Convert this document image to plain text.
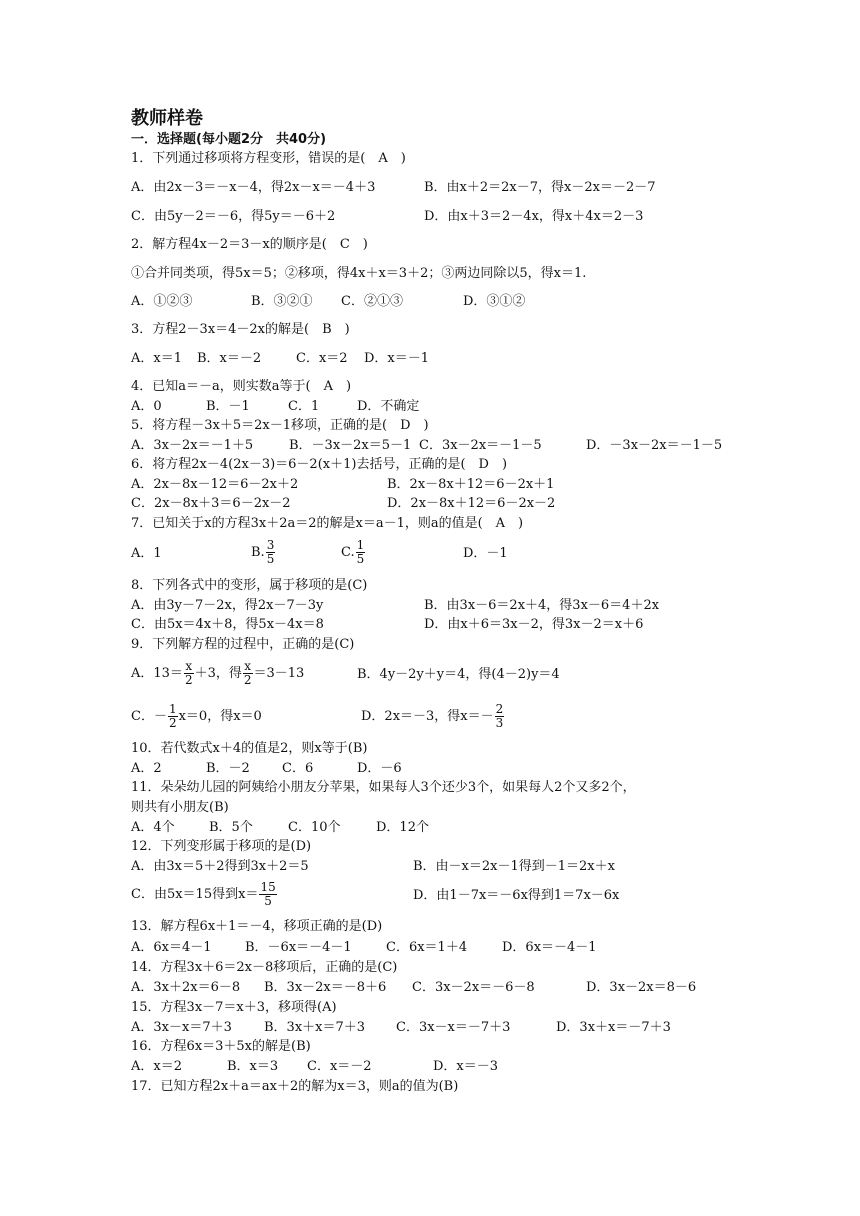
教师样卷
一．选择题(每小题2分　共40分)
1．下列通过移项将方程变形，错误的是(　A　)
A．由2x－3＝－x－4，得2x－x＝－4＋3	B．由x＋2＝2x－7，得x－2x＝－2－7
C．由5y－2＝－6，得5y＝－6＋2	D．由x＋3＝2－4x，得x＋4x＝2－3
2．解方程4x－2＝3－x的顺序是(　C　)
①合并同类项，得5x＝5；②移项，得4x＋x＝3＋2；③两边同除以5，得x＝1.
A．①②③	B．③②① C．②①③	D．③①②
3．方程2－3x＝4－2x的解是(　B　)
A．x＝1 B．x＝－2	C．x＝2 D．x＝－1
4．已知a＝－a，则实数a等于(　A　)
A．0	B．－1	C．1	D．不确定
5．将方程－3x＋5＝2x－1移项，正确的是(　D　)
A．3x－2x＝－1＋5	B．－3x－2x＝5－1 C．3x－2x＝－1－5	D．－3x－2x＝－1－5
6．将方程2x－4(2x－3)＝6－2(x＋1)去括号，正确的是(　D　)
A．2x－8x－12＝6－2x＋2	B．2x－8x＋12＝6－2x＋1
C．2x－8x＋3＝6－2x－2	D．2x－8x＋12＝6－2x－2
7．已知关于x的方程3x＋2a＝2的解是x＝a－1，则a的值是(　A　)
A．1	B. $\frac{3}{5}$	C. $\frac{1}{5}$	D．－1
8．下列各式中的变形，属于移项的是(C)
A．由3y－7－2x，得2x－7－3y	B．由3x－6＝2x＋4，得3x－6＝4＋2x
C．由5x＝4x＋8，得5x－4x＝8	D．由x＋6＝3x－2，得3x－2＝x＋6
9．下列解方程的过程中，正确的是(C)
A．$13= \frac{x}{2} +3$，得 $\frac{x}{2} =3-13$	B．4y－2y＋y＝4，得(4－2)y＝4
C．－ $\frac{1}{2} x=0$，得x＝0	D．2x＝－3，得$x=- \frac{2}{3}$
10．若代数式x＋4的值是2，则x等于(B)
A．2	B．－2 C．6	D．－6
11．朵朵幼儿园的阿姨给小朋友分苹果，如果每人3个还少3个，如果每人2个又多2个，
则共有小朋友(B)
A．4个	B．5个	C．10个	D．12个
12．下列变形属于移项的是(D)
A．由3x＝5＋2得到3x＋2＝5	B．由－x＝2x－1得到－1＝2x＋x
C．由5x＝15得到$x= \frac{15}{5}$	D．由1－7x＝－6x得到1＝7x－6x
13．解方程6x＋1＝－4，移项正确的是(D)
A．6x＝4－1	B．－6x＝－4－1	C．6x＝1＋4	D．6x＝－4－1
14．方程3x＋6＝2x－8移项后，正确的是(C)
A．3x＋2x＝6－8 B．3x－2x＝－8＋6 C．3x－2x＝－6－8	D．3x－2x＝8－6
15．方程3x－7＝x＋3，移项得(A)
A．3x－x＝7＋3 B．3x＋x＝7＋3 C．3x－x＝－7＋3	D．3x＋x＝－7＋3
16．方程6x＝3＋5x的解是(B)
A．x＝2	B．x＝3 C．x＝－2	D．x＝－3
17．已知方程2x＋a＝ax＋2的解为x＝3，则a的值为(B)
